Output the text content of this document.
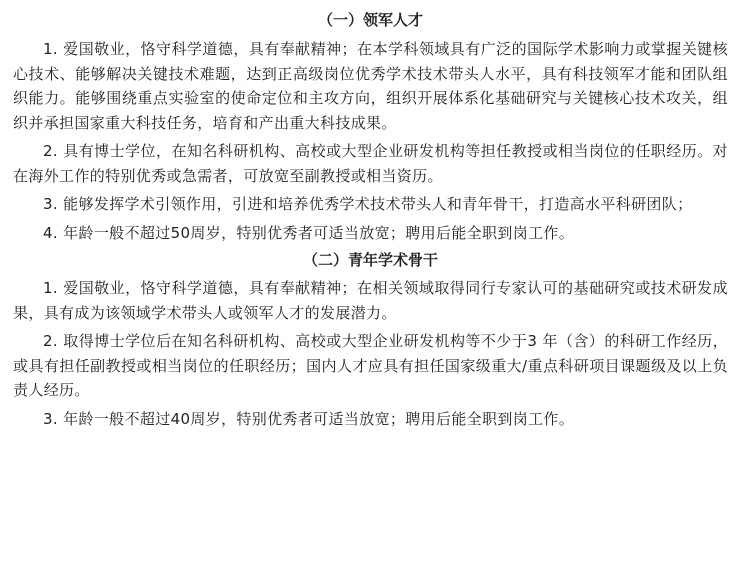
（一）领军人才

1. 爱国敬业，恪守科学道德，具有奉献精神；在本学科领域具有广泛的国际学术影响力或掌握关键核心技术、能够解决关键技术难题，达到正高级岗位优秀学术技术带头人水平，具有科技领军才能和团队组织能力。能够围绕重点实验室的使命定位和主攻方向，组织开展体系化基础研究与关键核心技术攻关，组织并承担国家重大科技任务，培育和产出重大科技成果。

2. 具有博士学位，在知名科研机构、高校或大型企业研发机构等担任教授或相当岗位的任职经历。对在海外工作的特别优秀或急需者，可放宽至副教授或相当资历。

3. 能够发挥学术引领作用，引进和培养优秀学术技术带头人和青年骨干，打造高水平科研团队；

4. 年龄一般不超过50周岁，特别优秀者可适当放宽；聘用后能全职到岗工作。

（二）青年学术骨干

1. 爱国敬业，恪守科学道德，具有奉献精神；在相关领域取得同行专家认可的基础研究或技术研发成果，具有成为该领域学术带头人或领军人才的发展潜力。

2. 取得博士学位后在知名科研机构、高校或大型企业研发机构等不少于3 年（含）的科研工作经历，或具有担任副教授或相当岗位的任职经历；国内人才应具有担任国家级重大/重点科研项目课题级及以上负责人经历。

3. 年龄一般不超过40周岁，特别优秀者可适当放宽；聘用后能全职到岗工作。
